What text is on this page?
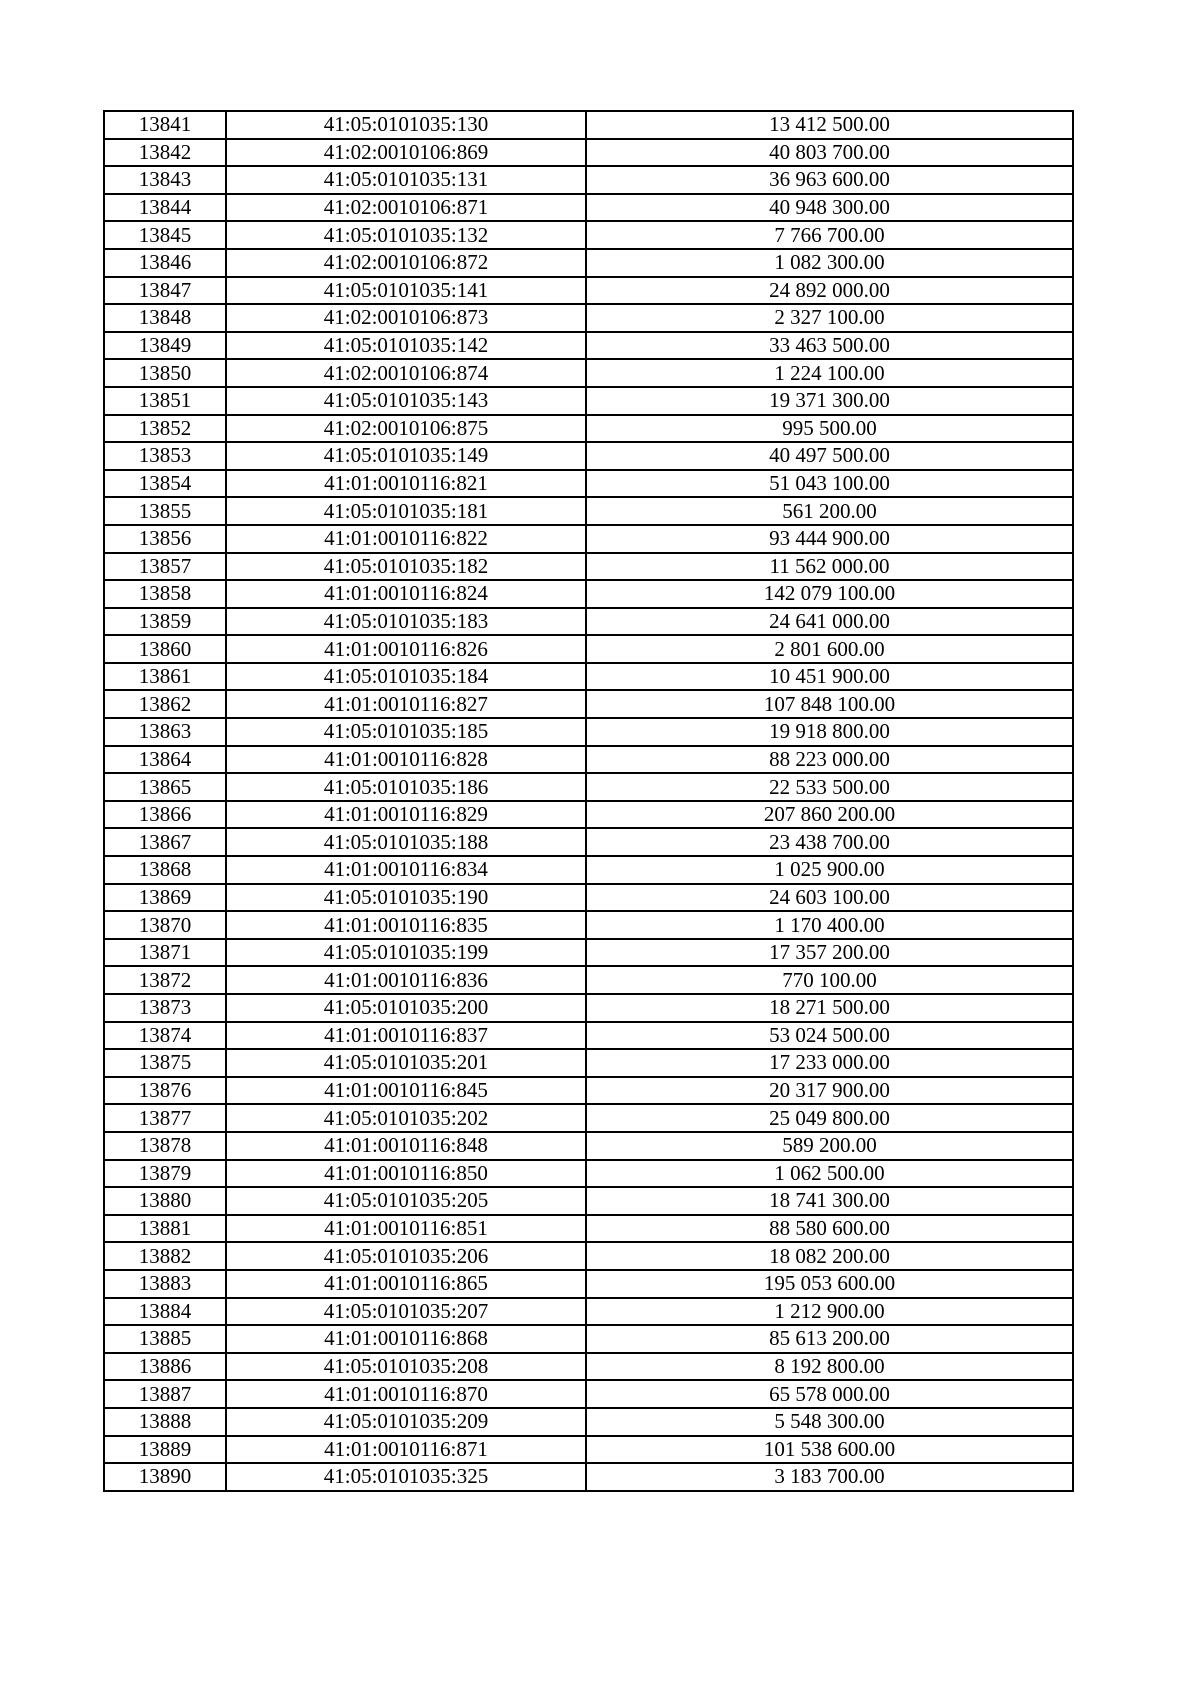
13841	41:05:0101035:130	13 412 500.00
13842	41:02:0010106:869	40 803 700.00
13843	41:05:0101035:131	36 963 600.00
13844	41:02:0010106:871	40 948 300.00
13845	41:05:0101035:132	7 766 700.00
13846	41:02:0010106:872	1 082 300.00
13847	41:05:0101035:141	24 892 000.00
13848	41:02:0010106:873	2 327 100.00
13849	41:05:0101035:142	33 463 500.00
13850	41:02:0010106:874	1 224 100.00
13851	41:05:0101035:143	19 371 300.00
13852	41:02:0010106:875	995 500.00
13853	41:05:0101035:149	40 497 500.00
13854	41:01:0010116:821	51 043 100.00
13855	41:05:0101035:181	561 200.00
13856	41:01:0010116:822	93 444 900.00
13857	41:05:0101035:182	11 562 000.00
13858	41:01:0010116:824	142 079 100.00
13859	41:05:0101035:183	24 641 000.00
13860	41:01:0010116:826	2 801 600.00
13861	41:05:0101035:184	10 451 900.00
13862	41:01:0010116:827	107 848 100.00
13863	41:05:0101035:185	19 918 800.00
13864	41:01:0010116:828	88 223 000.00
13865	41:05:0101035:186	22 533 500.00
13866	41:01:0010116:829	207 860 200.00
13867	41:05:0101035:188	23 438 700.00
13868	41:01:0010116:834	1 025 900.00
13869	41:05:0101035:190	24 603 100.00
13870	41:01:0010116:835	1 170 400.00
13871	41:05:0101035:199	17 357 200.00
13872	41:01:0010116:836	770 100.00
13873	41:05:0101035:200	18 271 500.00
13874	41:01:0010116:837	53 024 500.00
13875	41:05:0101035:201	17 233 000.00
13876	41:01:0010116:845	20 317 900.00
13877	41:05:0101035:202	25 049 800.00
13878	41:01:0010116:848	589 200.00
13879	41:01:0010116:850	1 062 500.00
13880	41:05:0101035:205	18 741 300.00
13881	41:01:0010116:851	88 580 600.00
13882	41:05:0101035:206	18 082 200.00
13883	41:01:0010116:865	195 053 600.00
13884	41:05:0101035:207	1 212 900.00
13885	41:01:0010116:868	85 613 200.00
13886	41:05:0101035:208	8 192 800.00
13887	41:01:0010116:870	65 578 000.00
13888	41:05:0101035:209	5 548 300.00
13889	41:01:0010116:871	101 538 600.00
13890	41:05:0101035:325	3 183 700.00
